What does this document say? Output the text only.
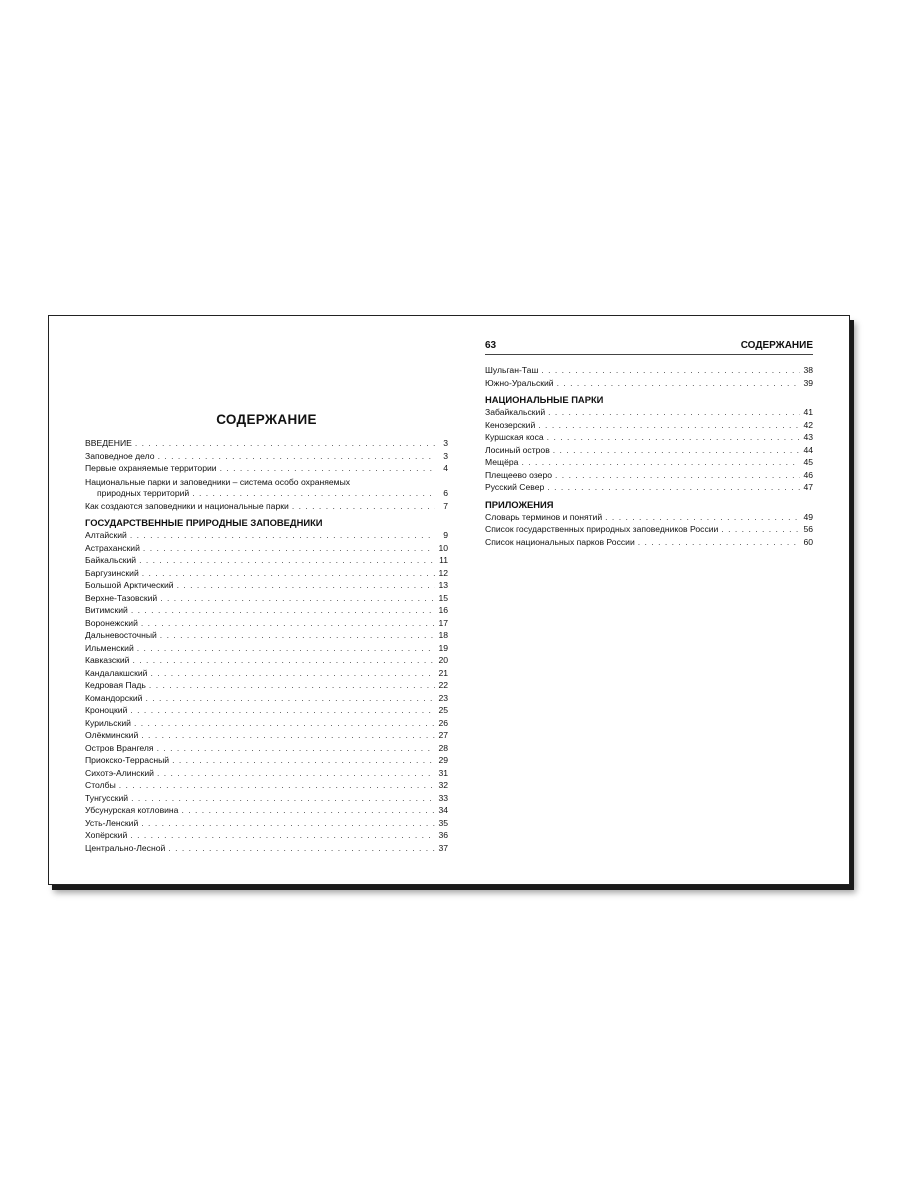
СОДЕРЖАНИЕ
ВВЕДЕНИЕ . . .	3
Заповедное дело . . .	3
Первые охраняемые территории . . .	4
Национальные парки и заповедники – система особо охраняемых
природных территорий . . .	6
Как создаются заповедники и национальные парки . . .	7
ГОСУДАРСТВЕННЫЕ ПРИРОДНЫЕ ЗАПОВЕДНИКИ
Алтайский . . .	9
Астраханский . . .	10
Байкальский . . .	11
Баргузинский . . .	12
Большой Арктический . . .	13
Верхне-Тазовский . . .	15
Витимский . . .	16
Воронежский . . .	17
Дальневосточный . . .	18
Ильменский . . .	19
Кавказский . . .	20
Кандалакшский . . .	21
Кедровая Падь . . .	22
Командорский . . .	23
Кроноцкий . . .	25
Курильский . . .	26
Олёкминский . . .	27
Остров Врангеля . . .	28
Приокско-Террасный . . .	29
Сихотэ-Алинский . . .	31
Столбы . . .	32
Тунгусский . . .	33
Убсунурская котловина . . .	34
Усть-Ленский . . .	35
Хопёрский . . .	36
Центрально-Лесной . . .	37
63	СОДЕРЖАНИЕ
Шульган-Таш . . .	38
Южно-Уральский . . .	39
НАЦИОНАЛЬНЫЕ ПАРКИ
Забайкальский . . .	41
Кенозерский . . .	42
Куршская коса . . .	43
Лосиный остров . . .	44
Мещёра . . .	45
Плещеево озеро . . .	46
Русский Север . . .	47
ПРИЛОЖЕНИЯ
Словарь терминов и понятий . . .	49
Список государственных природных заповедников России . . .	56
Список национальных парков России . . .	60
